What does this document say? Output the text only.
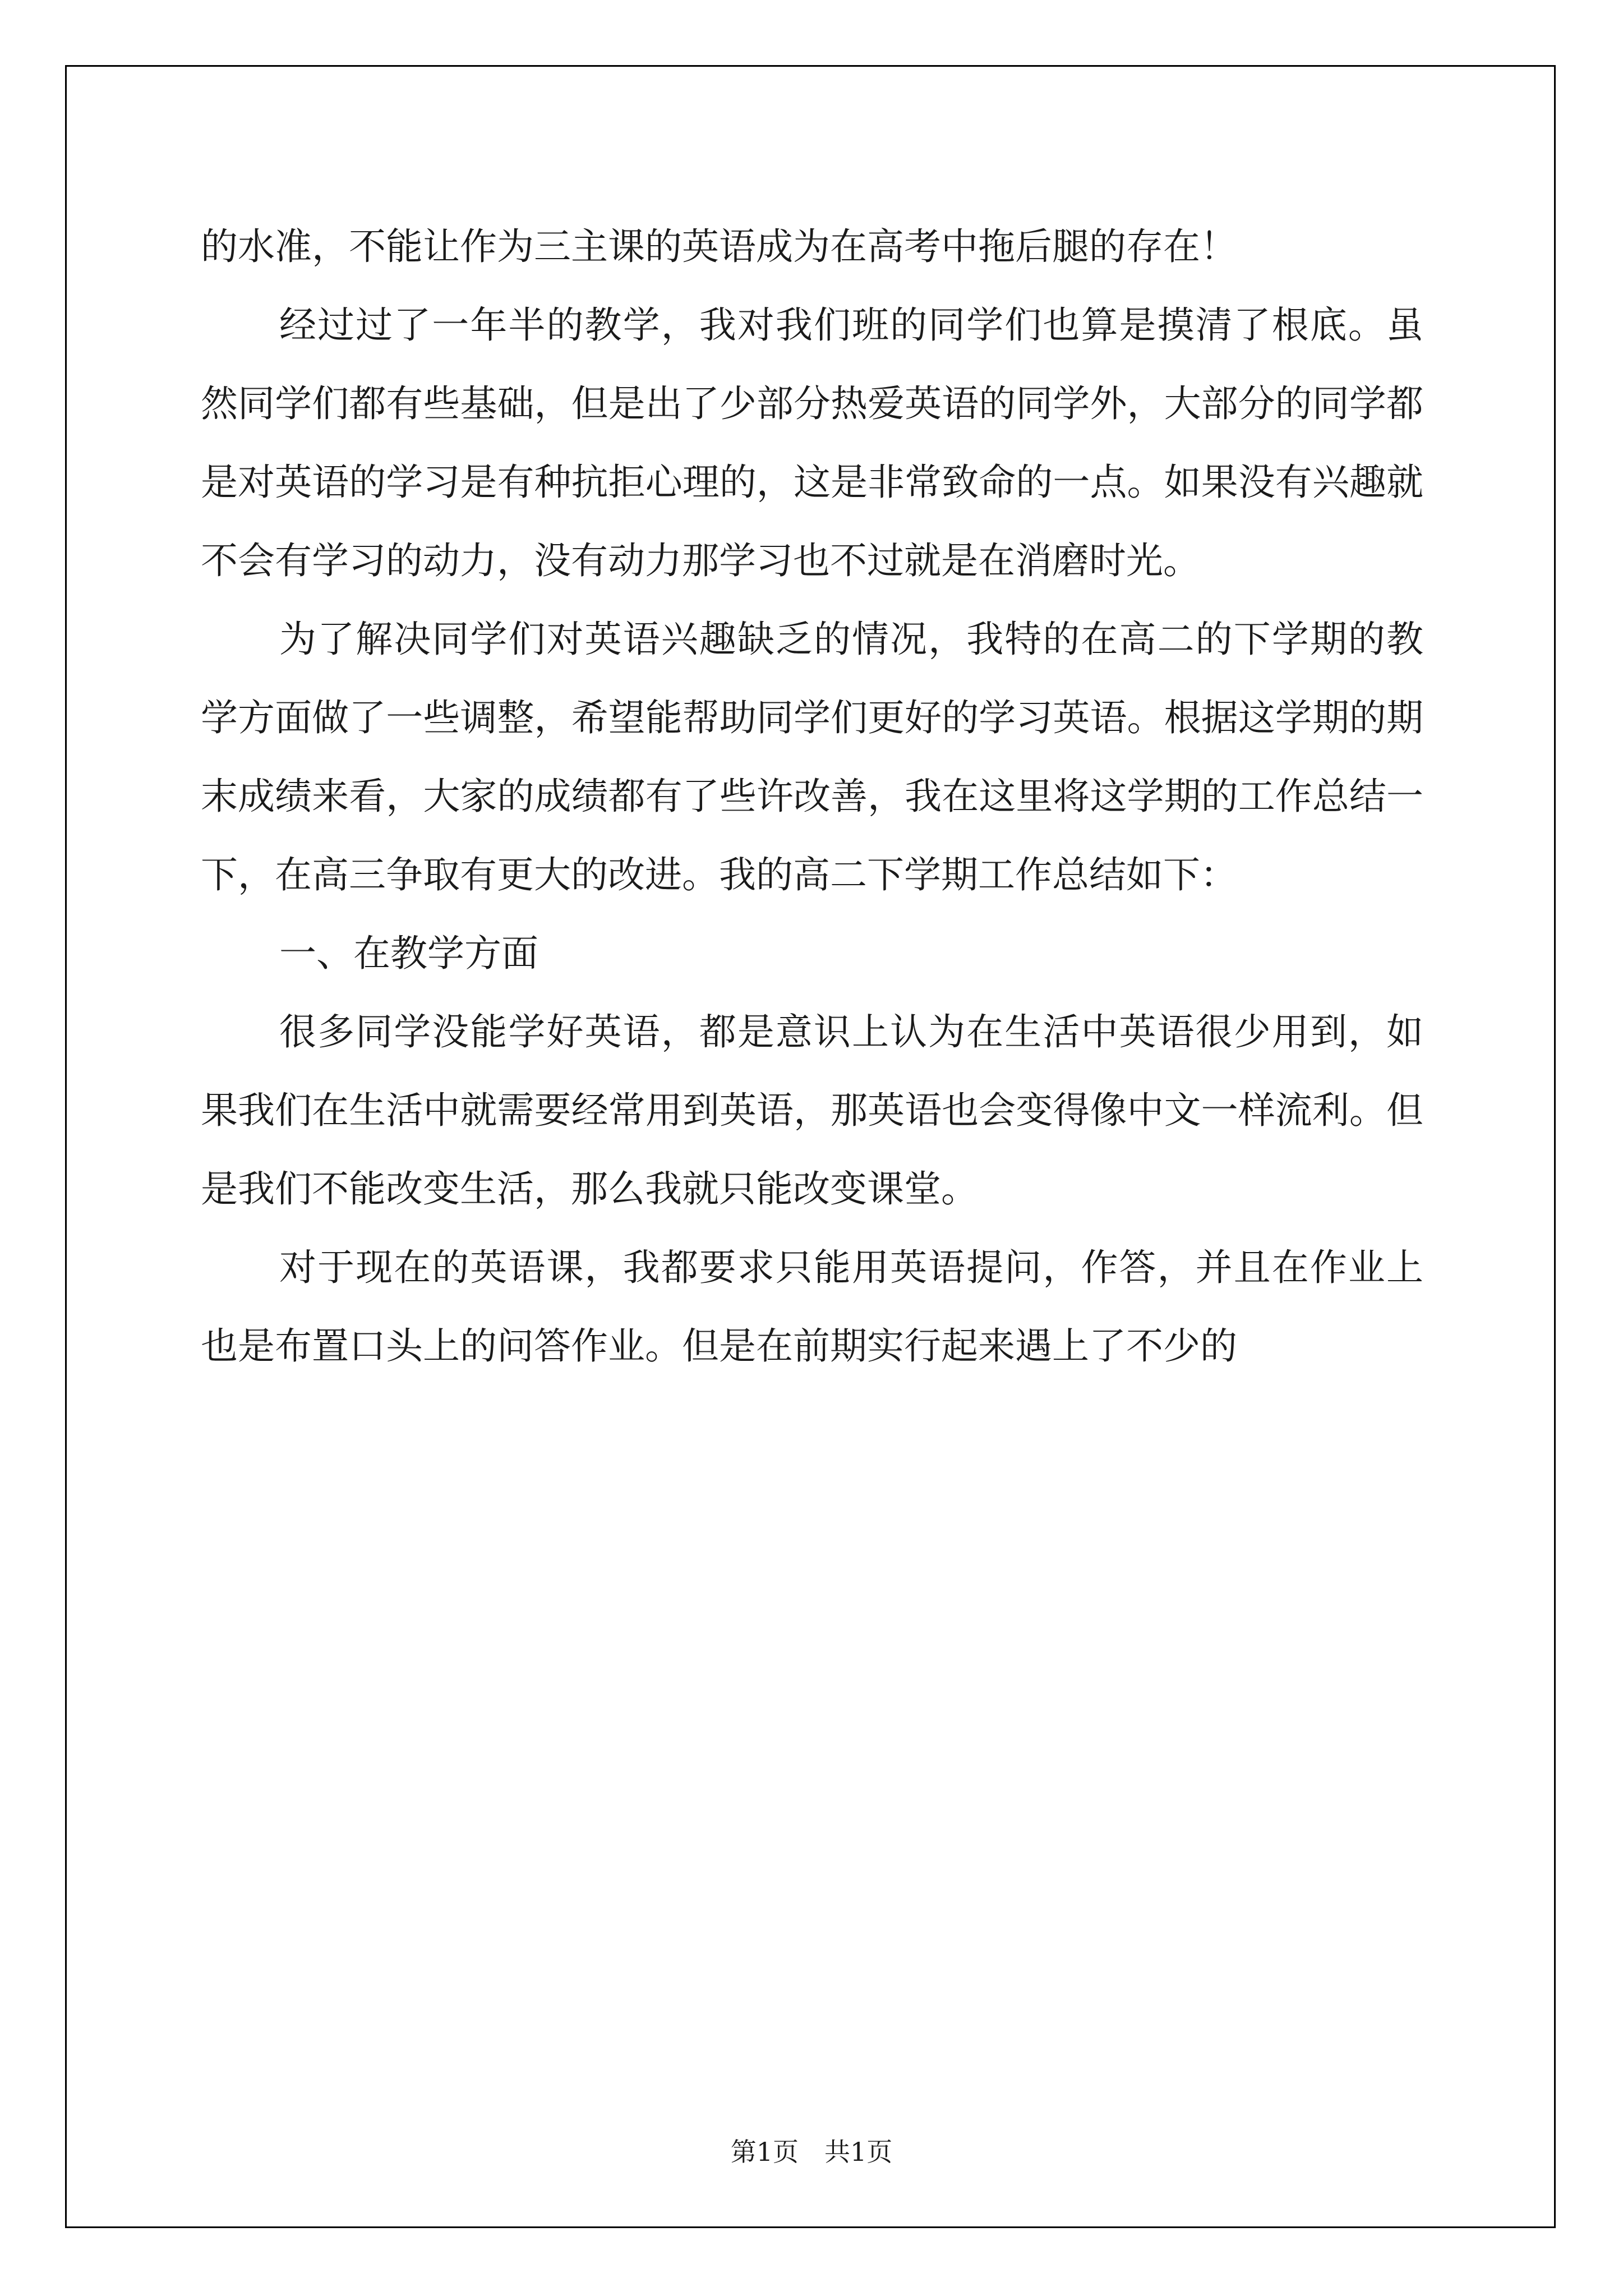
的水准，不能让作为三主课的英语成为在高考中拖后腿的存在！

经过过了一年半的教学，我对我们班的同学们也算是摸清了根底。虽然同学们都有些基础，但是出了少部分热爱英语的同学外，大部分的同学都是对英语的学习是有种抗拒心理的，这是非常致命的一点。如果没有兴趣就不会有学习的动力，没有动力那学习也不过就是在消磨时光。

为了解决同学们对英语兴趣缺乏的情况，我特的在高二的下学期的教学方面做了一些调整，希望能帮助同学们更好的学习英语。根据这学期的期末成绩来看，大家的成绩都有了些许改善，我在这里将这学期的工作总结一下，在高三争取有更大的改进。我的高二下学期工作总结如下：

一、在教学方面

很多同学没能学好英语，都是意识上认为在生活中英语很少用到，如果我们在生活中就需要经常用到英语，那英语也会变得像中文一样流利。但是我们不能改变生活，那么我就只能改变课堂。

对于现在的英语课，我都要求只能用英语提问，作答，并且在作业上也是布置口头上的问答作业。但是在前期实行起来遇上了不少的

第1页 共1页
